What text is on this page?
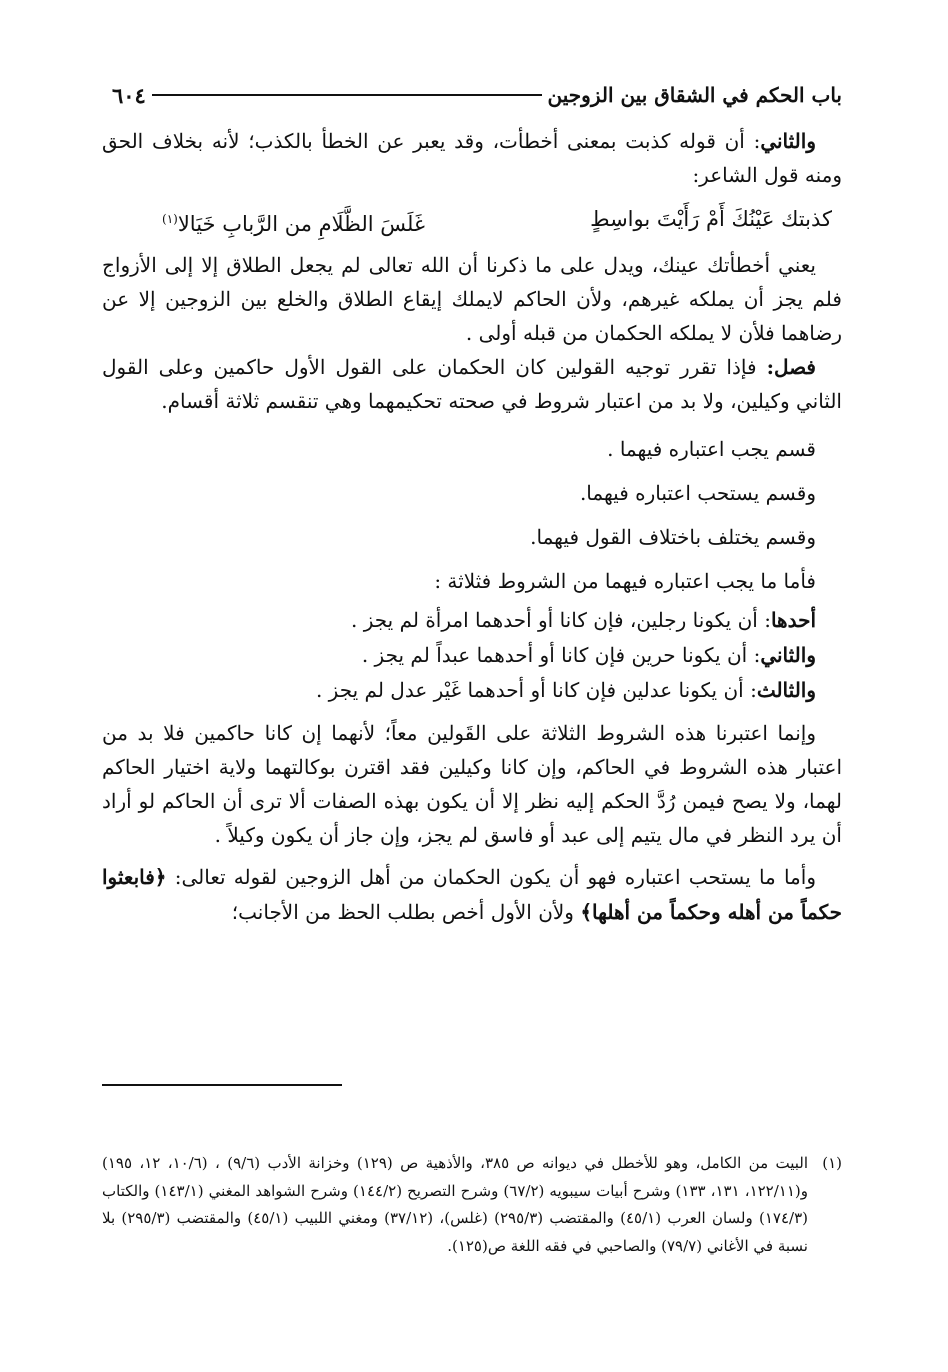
باب الحكم في الشقاق بين الزوجين
٦٠٤

والثاني: أن قوله كذبت بمعنى أخطأت، وقد يعبر عن الخطأ بالكذب؛ لأنه بخلاف الحق ومنه قول الشاعر:

كذبتك عَيْنُكَ أَمْ رَأَيْتَ بواسِطٍ
غَلَسَ الظَّلَامِ من الرَّبابِ خَيَالا$^{(١)}$

يعني أخطأتك عينك، ويدل على ما ذكرنا أن الله تعالى لم يجعل الطلاق إلا إلى الأزواج فلم يجز أن يملكه غيرهم، ولأن الحاكم لايملك إيقاع الطلاق والخلع بين الزوجين إلا عن رضاهما فلأن لا يملكه الحكمان من قبله أولى .

فصل: فإذا تقرر توجيه القولين كان الحكمان على القول الأول حاكمين وعلى القول الثاني وكيلين، ولا بد من اعتبار شروط في صحته تحكيمهما وهي تنقسم ثلاثة أقسام.

قسم يجب اعتباره فيهما .

وقسم يستحب اعتباره فيهما.

وقسم يختلف باختلاف القول فيهما.

فأما ما يجب اعتباره فيهما من الشروط فثلاثة :

أحدها: أن يكونا رجلين، فإن كانا أو أحدهما امرأة لم يجز .

والثاني: أن يكونا حرين فإن كانا أو أحدهما عبداً لم يجز .

والثالث: أن يكونا عدلين فإن كانا أو أحدهما غَيْر عدل لم يجز .

وإنما اعتبرنا هذه الشروط الثلاثة على القَولين معاً؛ لأنهما إن كانا حاكمين فلا بد من اعتبار هذه الشروط في الحاكم، وإن كانا وكيلين فقد اقترن بوكالتهما ولاية اختيار الحاكم لهما، ولا يصح فيمن رُدَّ الحكم إليه نظر إلا أن يكون بهذه الصفات ألا ترى أن الحاكم لو أراد أن يرد النظر في مال يتيم إلى عبد أو فاسق لم يجز، وإن جاز أن يكون وكيلاً .

وأما ما يستحب اعتباره فهو أن يكون الحكمان من أهل الزوجين لقوله تعالى: ﴿فابعثوا حكماً من أهله وحكماً من أهلها﴾ ولأن الأول أخص بطلب الحظ من الأجانب؛

(١)
البيت من الكامل، وهو للأخطل في ديوانه ص ٣٨٥، والأذهية ص (١٢٩) وخزانة الأدب (٩/٦) ، (١٠/٦، ١٢، ١٩٥) و(١٢٢/١١، ١٣١، ١٣٣) وشرح أبيات سيبويه (٦٧/٢) وشرح التصريح (١٤٤/٢) وشرح الشواهد المغني (١٤٣/١) والكتاب (١٧٤/٣) ولسان العرب (٤٥/١) والمقتضب (٢٩٥/٣) (غلس)، (٣٧/١٢) ومغني اللبيب (٤٥/١) والمقتضب (٢٩٥/٣) بلا نسبة في الأغاني (٧٩/٧) والصاحبي في فقه اللغة ص(١٢٥).
